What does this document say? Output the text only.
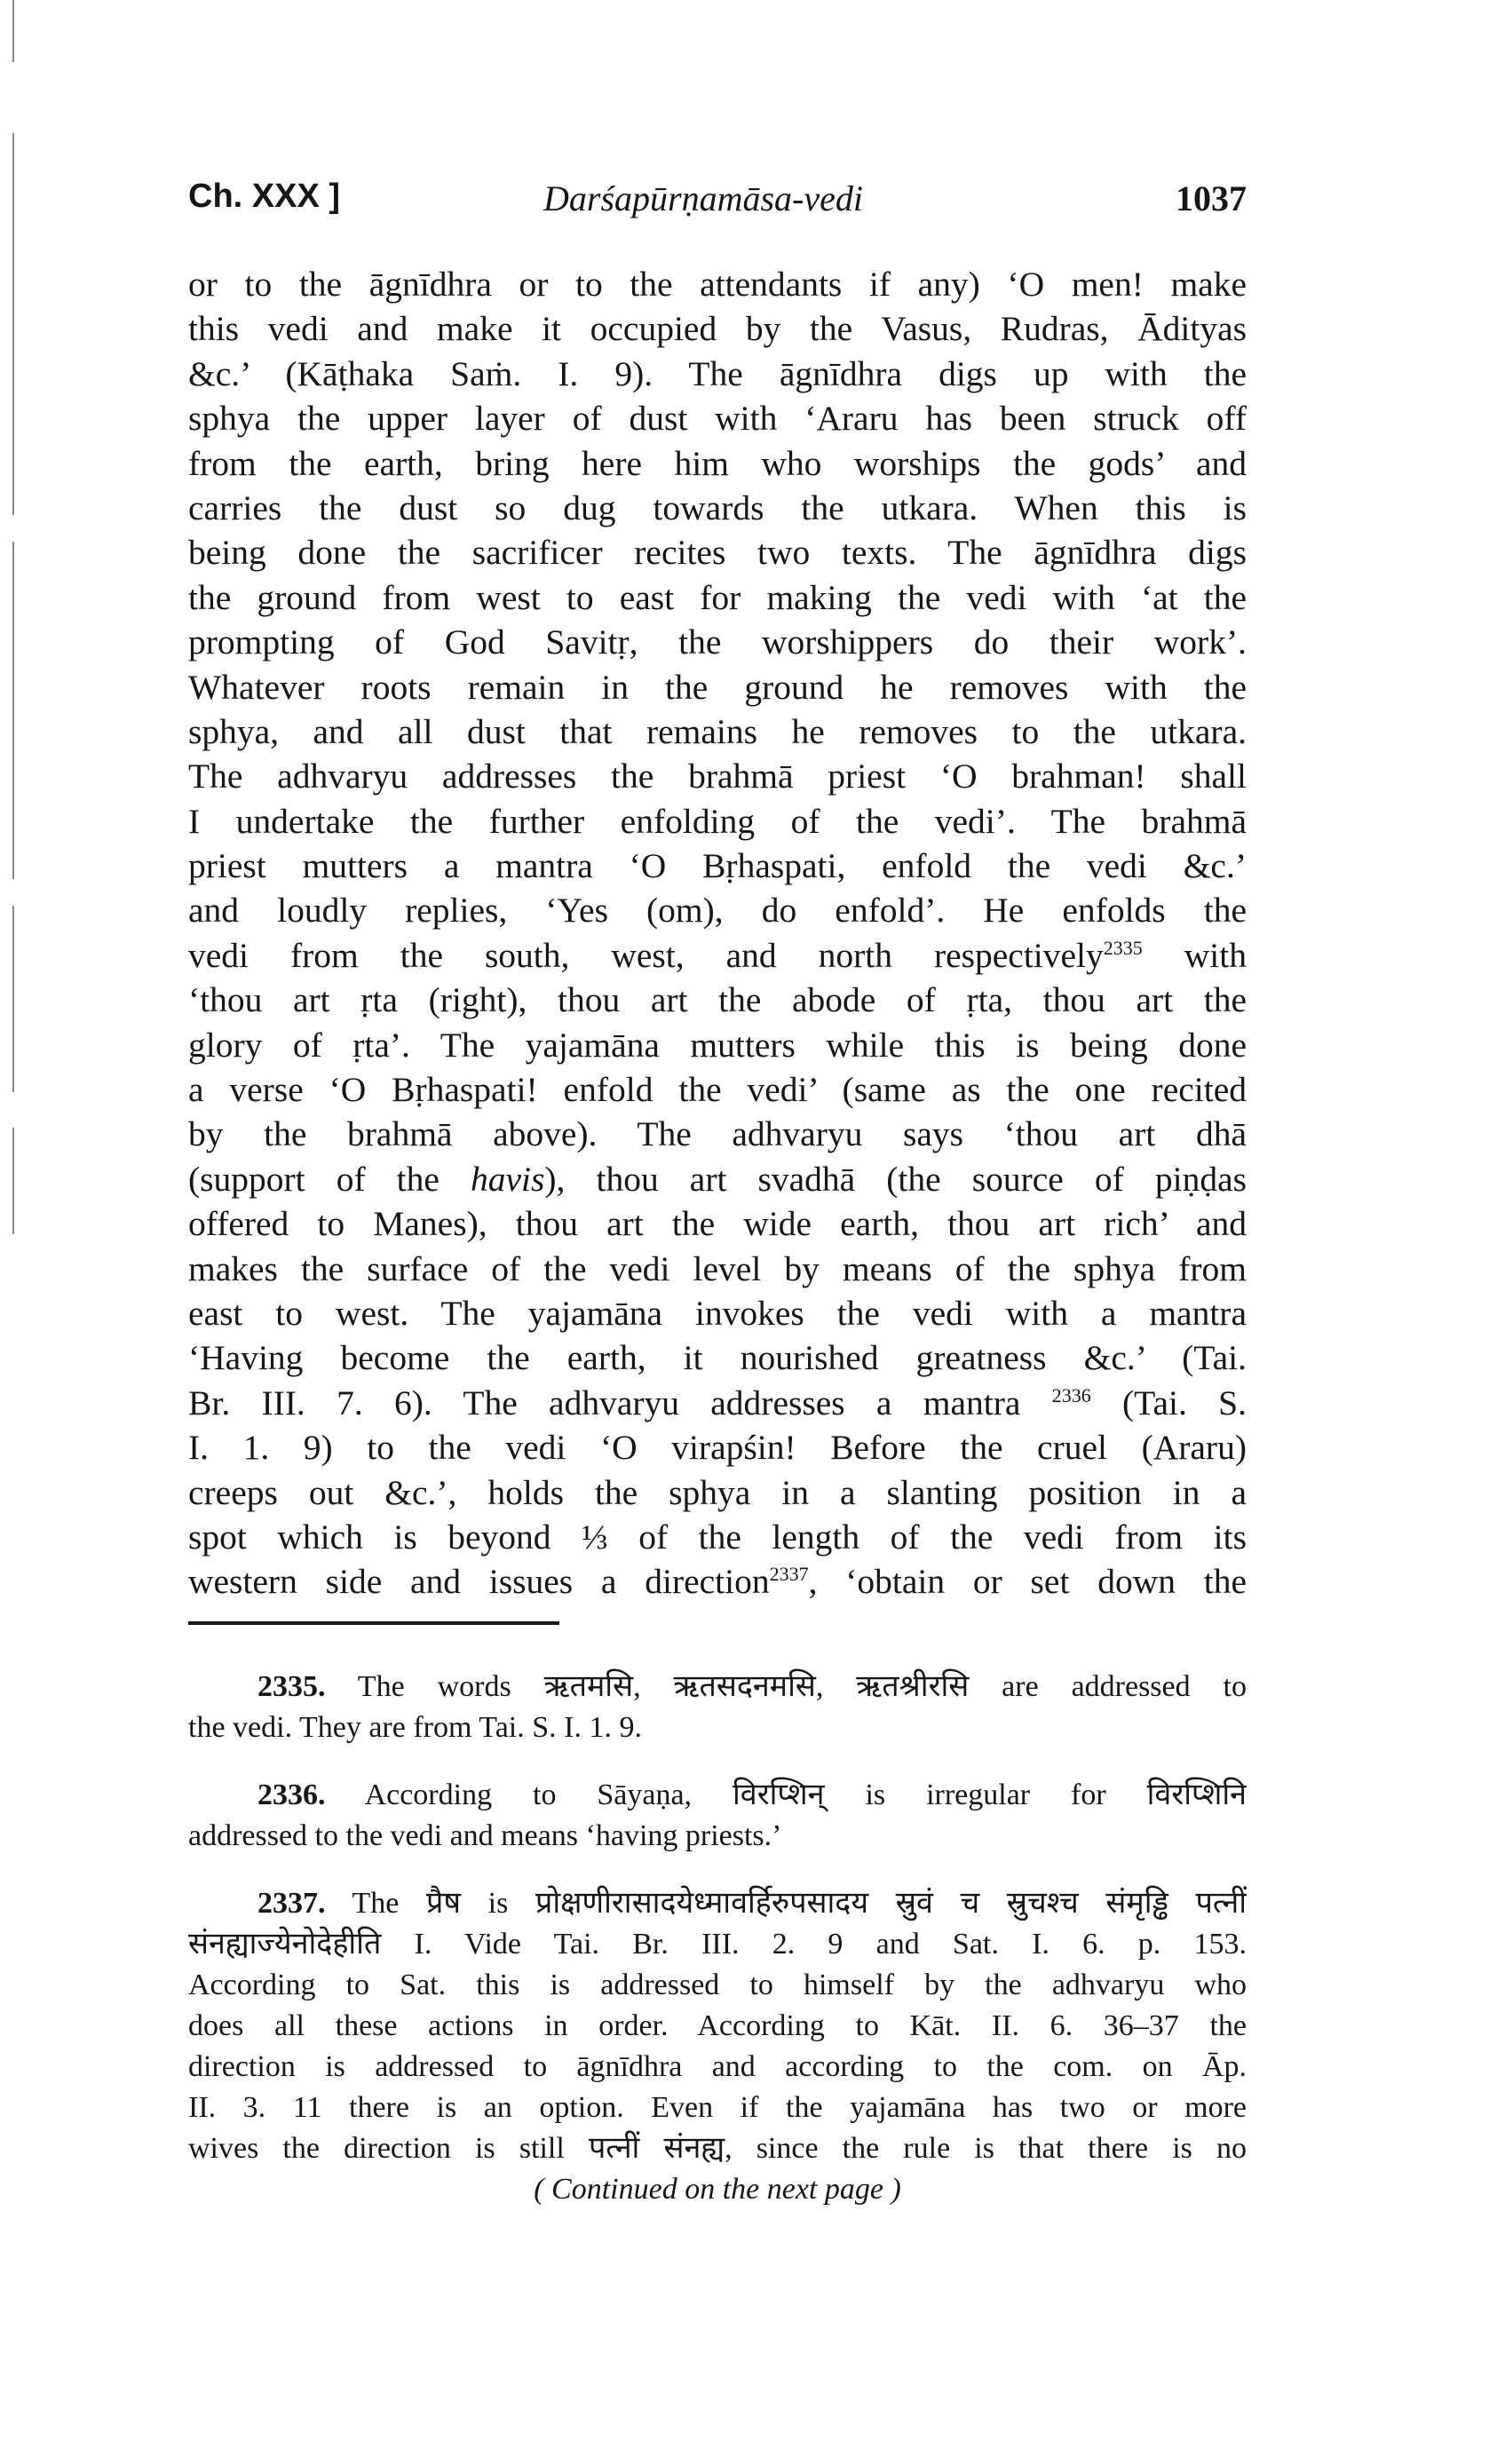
Ch. XXX ]	Darśapūrṇamāsa-vedi	1037
or to the āgnīdhra or to the attendants if any) ‘O men! make
this vedi and make it occupied by the Vasus, Rudras, Ādityas
&c.’ (Kāṭhaka Saṁ. I. 9). The āgnīdhra digs up with the
sphya the upper layer of dust with ‘Araru has been struck off
from the earth, bring here him who worships the gods’ and
carries the dust so dug towards the utkara. When this is
being done the sacrificer recites two texts. The āgnīdhra digs
the ground from west to east for making the vedi with ‘at the
prompting of God Savitṛ, the worshippers do their work’.
Whatever roots remain in the ground he removes with the
sphya, and all dust that remains he removes to the utkara.
The adhvaryu addresses the brahmā priest ‘O brahman! shall
I undertake the further enfolding of the vedi’. The brahmā
priest mutters a mantra ‘O Bṛhaspati, enfold the vedi &c.’
and loudly replies, ‘Yes (om), do enfold’. He enfolds the
vedi from the south, west, and north respectively$^{2335}$ with
‘thou art ṛta (right), thou art the abode of ṛta, thou art the
glory of ṛta’. The yajamāna mutters while this is being done
a verse ‘O Bṛhaspati! enfold the vedi’ (same as the one recited
by the brahmā above). The adhvaryu says ‘thou art dhā
(support of the havis), thou art svadhā (the source of piṇḍas
offered to Manes), thou art the wide earth, thou art rich’ and
makes the surface of the vedi level by means of the sphya from
east to west. The yajamāna invokes the vedi with a mantra
‘Having become the earth, it nourished greatness &c.’ (Tai.
Br. III. 7. 6). The adhvaryu addresses a mantra $^{2336}$ (Tai. S.
I. 1. 9) to the vedi ‘O virapśin! Before the cruel (Araru)
creeps out &c.’, holds the sphya in a slanting position in a
spot which is beyond ⅓ of the length of the vedi from its
western side and issues a direction$^{2337}$, ‘obtain or set down the
2335. The words ऋतमसि, ऋतसदनमसि, ऋतश्रीरसि are addressed to
the vedi. They are from Tai. S. I. 1. 9.
2336. According to Sāyaṇa, विरप्शिन् is irregular for विरप्शिनि
addressed to the vedi and means ‘having priests.’
2337. The प्रैष is प्रोक्षणीरासादयेध्मावर्हिरुपसादय स्रुवं च स्रुचश्च संमृड्ढि पत्नीं
संनह्याज्येनोदेहीति I. Vide Tai. Br. III. 2. 9 and Sat. I. 6. p. 153.
According to Sat. this is addressed to himself by the adhvaryu who
does all these actions in order. According to Kāt. II. 6. 36–37 the
direction is addressed to āgnīdhra and according to the com. on Āp.
II. 3. 11 there is an option. Even if the yajamāna has two or more
wives the direction is still पत्नीं संनह्य, since the rule is that there is no
( Continued on the next page )
